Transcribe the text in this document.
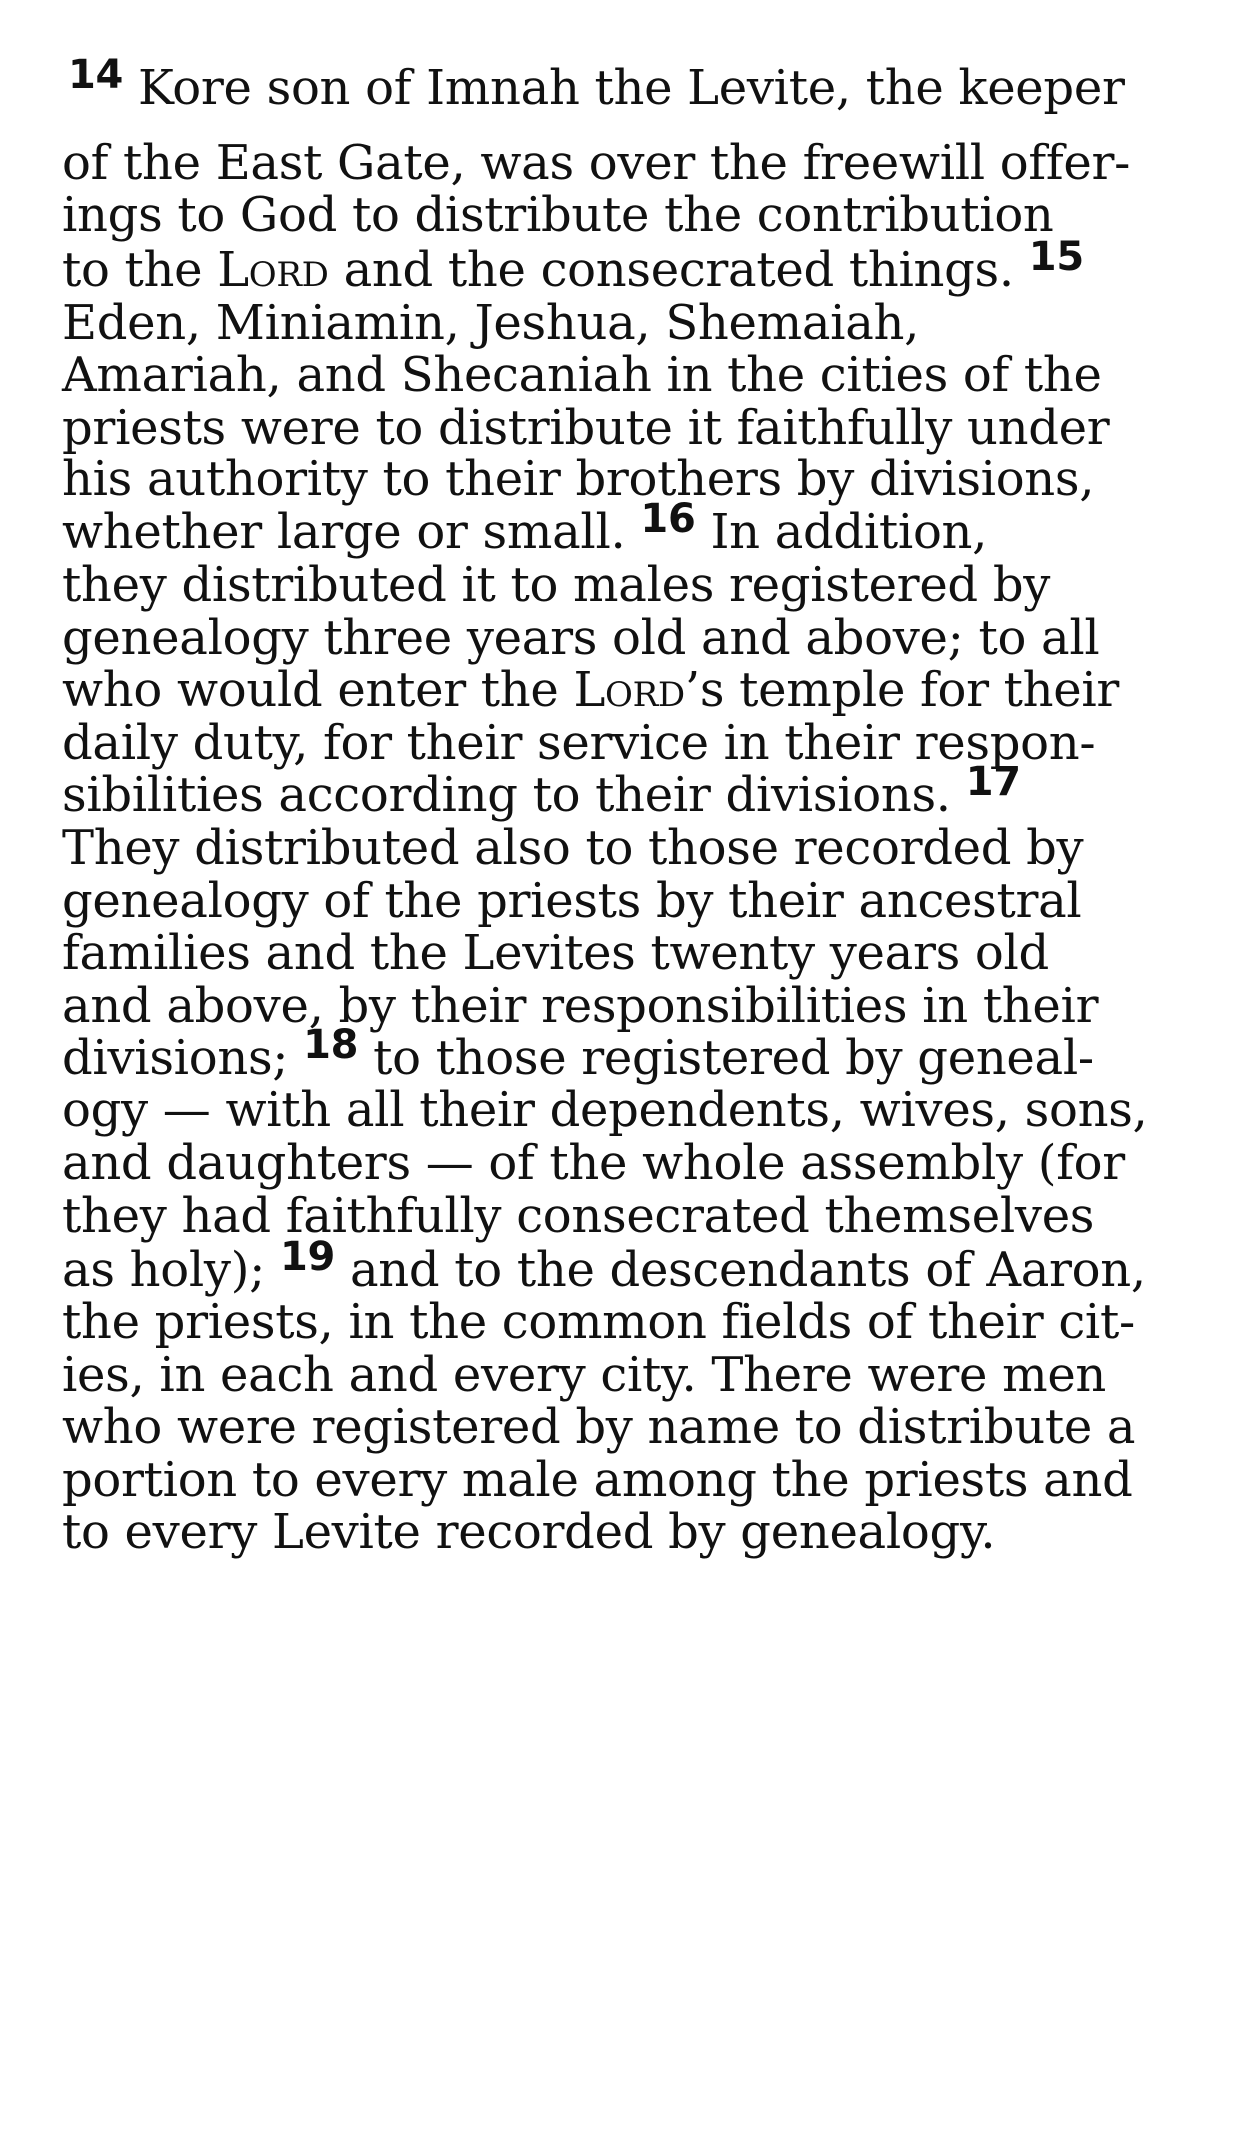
$^{14}$ Kore son of Imnah the Levite, the keeper
of the East Gate, was over the freewill offer-
ings to God to distribute the contribution
to the Lord and the consecrated things. $^{15}$
Eden, Miniamin, Jeshua, Shemaiah,
Amariah, and Shecaniah in the cities of the
priests were to distribute it faithfully under
his authority to their brothers by divisions,
whether large or small. $^{16}$ In addition,
they distributed it to males registered by
genealogy three years old and above; to all
who would enter the Lord’s temple for their
daily duty, for their service in their respon-
sibilities according to their divisions. $^{17}$
They distributed also to those recorded by
genealogy of the priests by their ancestral
families and the Levites twenty years old
and above, by their responsibilities in their
divisions; $^{18}$ to those registered by geneal-
ogy — with all their dependents, wives, sons,
and daughters — of the whole assembly (for
they had faithfully consecrated themselves
as holy); $^{19}$ and to the descendants of Aaron,
the priests, in the common fields of their cit-
ies, in each and every city. There were men
who were registered by name to distribute a
portion to every male among the priests and
to every Levite recorded by genealogy.
